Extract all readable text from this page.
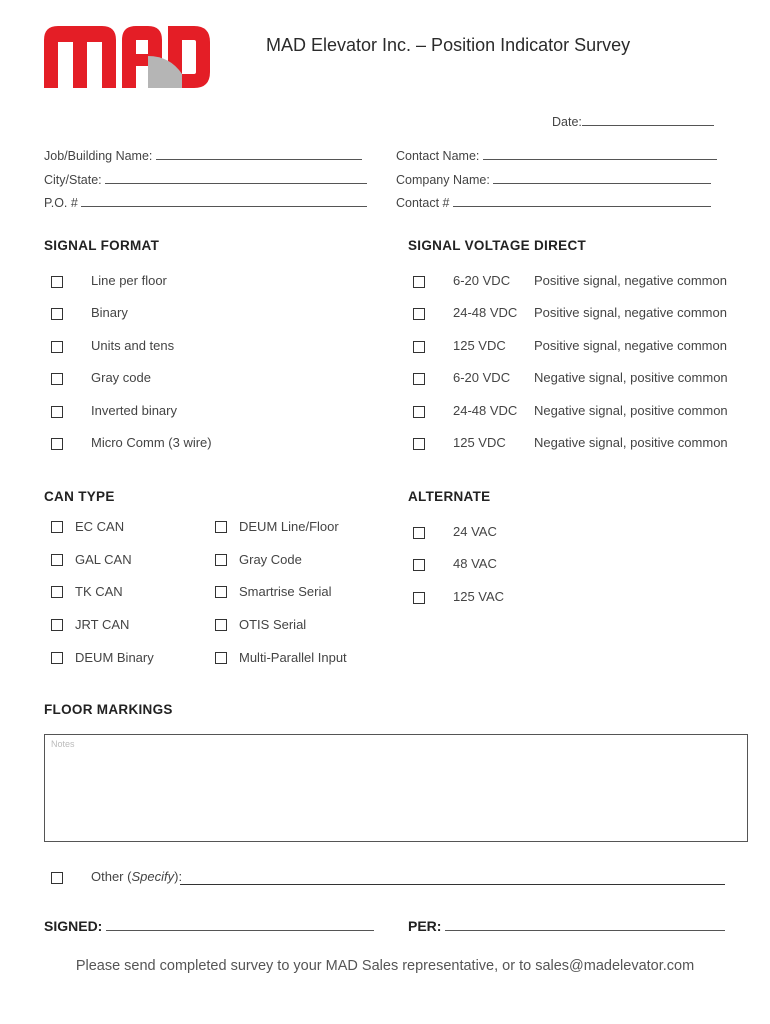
MAD Elevator Inc. – Position Indicator Survey
Date:
Job/Building Name:
City/State:
P.O. #
Contact Name:
Company Name:
Contact #
SIGNAL FORMAT
Line per floor
Binary
Units and tens
Gray code
Inverted binary
Micro Comm (3 wire)
SIGNAL VOLTAGE DIRECT
6-20 VDC Positive signal, negative common
24-48 VDC Positive signal, negative common
125 VDC Positive signal, negative common
6-20 VDC Negative signal, positive common
24-48 VDC Negative signal, positive common
125 VDC Negative signal, positive common
CAN TYPE
EC CAN
GAL CAN
TK CAN
JRT CAN
DEUM Binary
DEUM Line/Floor
Gray Code
Smartrise Serial
OTIS Serial
Multi-Parallel Input
ALTERNATE
24 VAC
48 VAC
125 VAC
FLOOR MARKINGS
Notes
Other (Specify):
SIGNED:	PER:
Please send completed survey to your MAD Sales representative, or to sales@madelevator.com
